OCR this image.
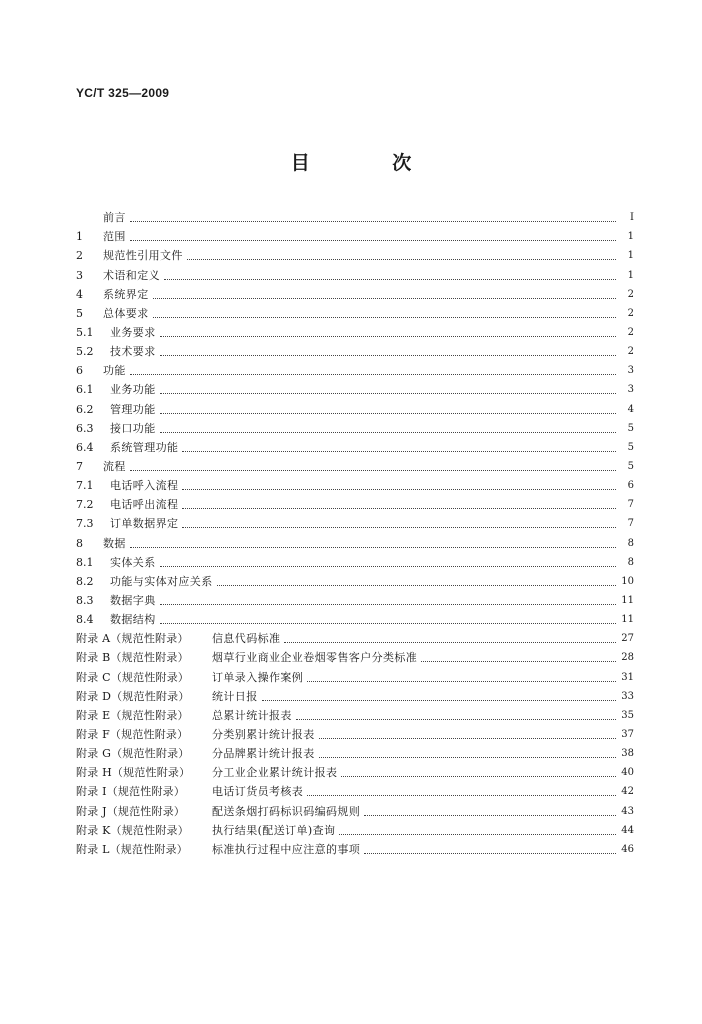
YC/T 325—2009
目 次
前言	I
1	范围	1
2	规范性引用文件	1
3	术语和定义	1
4	系统界定	2
5	总体要求	2
5.1	业务要求	2
5.2	技术要求	2
6	功能	3
6.1	业务功能	3
6.2	管理功能	4
6.3	接口功能	5
6.4	系统管理功能	5
7	流程	5
7.1	电话呼入流程	6
7.2	电话呼出流程	7
7.3	订单数据界定	7
8	数据	8
8.1	实体关系	8
8.2	功能与实体对应关系	10
8.3	数据字典	11
8.4	数据结构	11
附录 A（规范性附录）	信息代码标准	27
附录 B（规范性附录）	烟草行业商业企业卷烟零售客户分类标准	28
附录 C（规范性附录）	订单录入操作案例	31
附录 D（规范性附录）	统计日报	33
附录 E（规范性附录）	总累计统计报表	35
附录 F（规范性附录）	分类别累计统计报表	37
附录 G（规范性附录）	分品牌累计统计报表	38
附录 H（规范性附录）	分工业企业累计统计报表	40
附录 I（规范性附录）	电话订货员考核表	42
附录 J（规范性附录）	配送条烟打码标识码编码规则	43
附录 K（规范性附录）	执行结果(配送订单)查询	44
附录 L（规范性附录）	标准执行过程中应注意的事项	46
